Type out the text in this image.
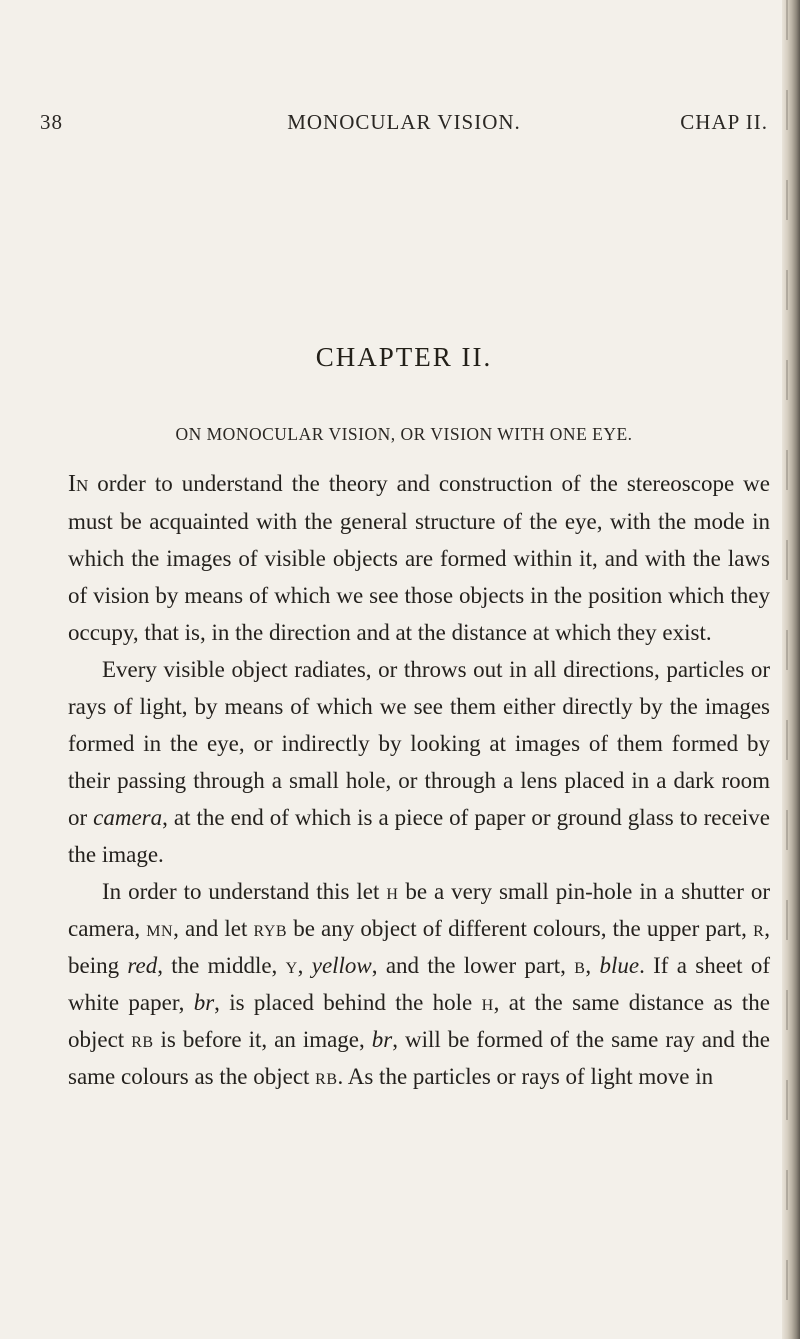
38	MONOCULAR VISION.	CHAP II.
CHAPTER II.
ON MONOCULAR VISION, OR VISION WITH ONE EYE.

In order to understand the theory and construction of the stereoscope we must be acquainted with the general structure of the eye, with the mode in which the images of visible objects are formed within it, and with the laws of vision by means of which we see those objects in the position which they occupy, that is, in the direction and at the distance at which they exist.

Every visible object radiates, or throws out in all directions, particles or rays of light, by means of which we see them either directly by the images formed in the eye, or indirectly by looking at images of them formed by their passing through a small hole, or through a lens placed in a dark room or camera, at the end of which is a piece of paper or ground glass to receive the image.

In order to understand this let h be a very small pin-hole in a shutter or camera, mn, and let ryb be any object of different colours, the upper part, r, being red, the middle, y, yellow, and the lower part, b, blue. If a sheet of white paper, br, is placed behind the hole h, at the same distance as the object rb is before it, an image, br, will be formed of the same ray and the same colours as the object rb. As the particles or rays of light move in
